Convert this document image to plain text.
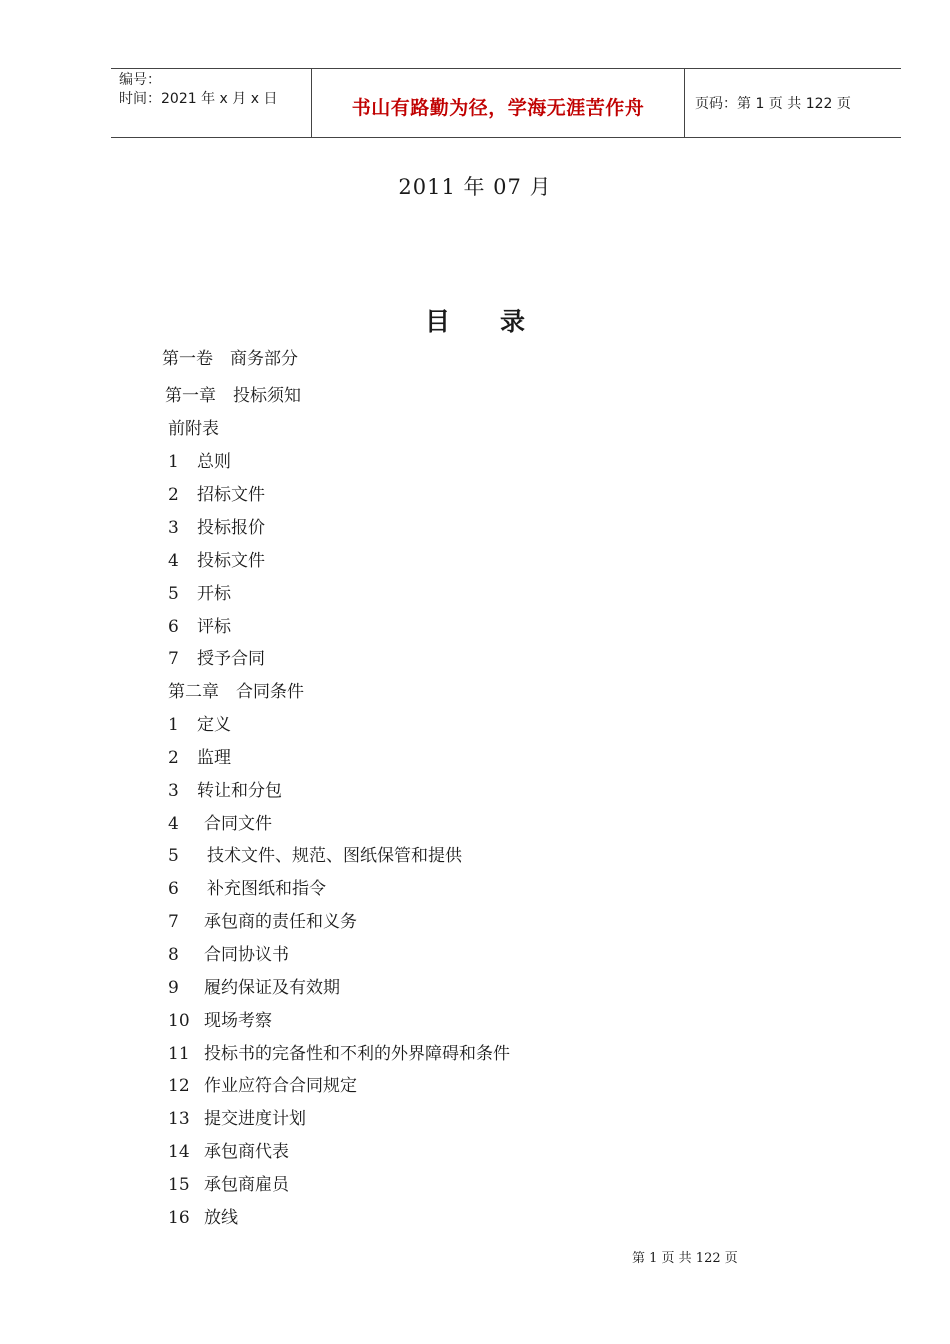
编号：
时间：2021 年 x 月 x 日	书山有路勤为径，学海无涯苦作舟	页码：第 1 页 共 122 页
2011 年 07 月
目　　录
第一卷　商务部分
第一章　投标须知
前附表
1 总则
2 招标文件
3 投标报价
4 投标文件
5 开标
6 评标
7 授予合同
第二章　合同条件
1 定义
2 监理
3 转让和分包
4 合同文件
5 技术文件、规范、图纸保管和提供
6 补充图纸和指令
7 承包商的责任和义务
8 合同协议书
9 履约保证及有效期
10 现场考察
11 投标书的完备性和不利的外界障碍和条件
12 作业应符合合同规定
13 提交进度计划
14 承包商代表
15 承包商雇员
16 放线
第 1 页 共 122 页
